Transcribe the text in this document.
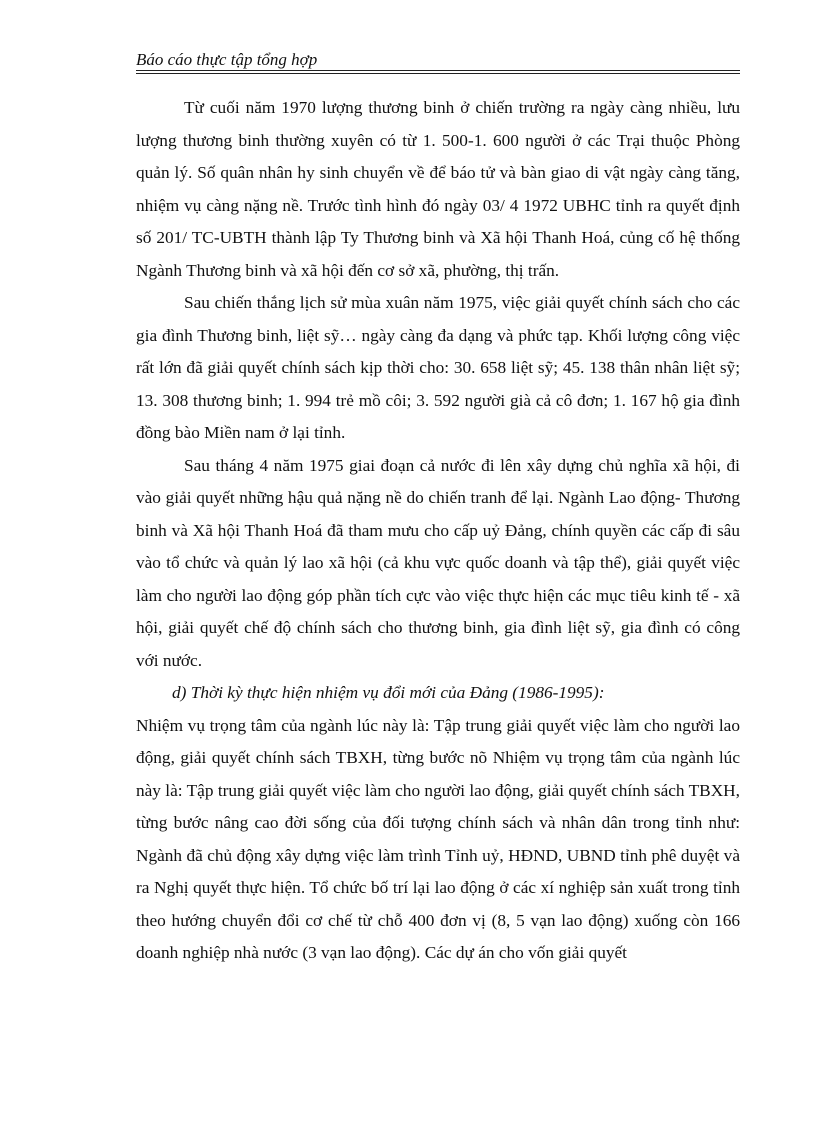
Báo cáo thực tập tổng hợp

Từ cuối năm 1970 lượng thương binh ở chiến trường ra ngày càng nhiều, lưu lượng thương binh thường xuyên có từ 1. 500-1. 600 người ở các Trại thuộc Phòng quản lý. Số quân nhân hy sinh chuyển về để báo tử và bàn giao di vật ngày càng tăng, nhiệm vụ càng nặng nề. Trước tình hình đó ngày 03/ 4 1972 UBHC tỉnh ra quyết định số 201/ TC-UBTH thành lập Ty Thương binh và Xã hội Thanh Hoá, củng cố hệ thống Ngành Thương binh và xã hội đến cơ sở xã, phường, thị trấn.

Sau chiến thắng lịch sử mùa xuân năm 1975, việc giải quyết chính sách cho các gia đình Thương binh, liệt sỹ… ngày càng đa dạng và phức tạp. Khối lượng công việc rất lớn đã giải quyết chính sách kịp thời cho: 30. 658 liệt sỹ; 45. 138 thân nhân liệt sỹ; 13. 308 thương binh; 1. 994 trẻ mồ côi; 3. 592 người già cả cô đơn; 1. 167 hộ gia đình đồng bào Miền nam ở lại tỉnh.

Sau tháng 4 năm 1975 giai đoạn cả nước đi lên xây dựng chủ nghĩa xã hội, đi vào giải quyết những hậu quả nặng nề do chiến tranh để lại. Ngành Lao động- Thương binh và Xã hội Thanh Hoá đã tham mưu cho cấp uỷ Đảng, chính quyền các cấp đi sâu vào tổ chức và quản lý lao xã hội (cả khu vực quốc doanh và tập thể), giải quyết việc làm cho người lao động góp phần tích cực vào việc thực hiện các mục tiêu kinh tế - xã hội, giải quyết chế độ chính sách cho thương binh, gia đình liệt sỹ, gia đình có công với nước.

d) Thời kỳ thực hiện nhiệm vụ đổi mới của Đảng (1986-1995):

Nhiệm vụ trọng tâm của ngành lúc này là: Tập trung giải quyết việc làm cho người lao động, giải quyết chính sách TBXH, từng bước nõ Nhiệm vụ trọng tâm của ngành lúc này là: Tập trung giải quyết việc làm cho người lao động, giải quyết chính sách TBXH, từng bước nâng cao đời sống của đối tượng chính sách và nhân dân trong tỉnh như: Ngành đã chủ động xây dựng việc làm trình Tỉnh uỷ, HĐND, UBND tỉnh phê duyệt và ra Nghị quyết thực hiện. Tổ chức bố trí lại lao động ở các xí nghiệp sản xuất trong tỉnh theo hướng chuyển đổi cơ chế từ chỗ 400 đơn vị (8, 5 vạn lao động) xuống còn 166 doanh nghiệp nhà nước (3 vạn lao động). Các dự án cho vốn giải quyết
